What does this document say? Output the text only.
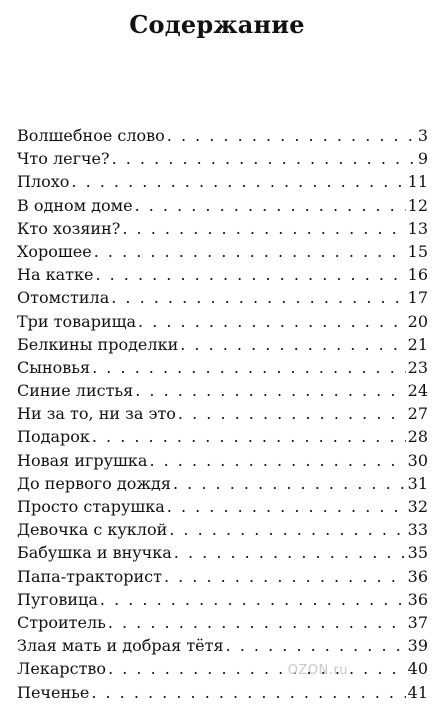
Содержание
Волшебное слово . . .	3
Что легче? . . .	9
Плохо . . .	11
В одном доме . . .	12
Кто хозяин? . . .	13
Хорошее . . .	15
На катке . . .	16
Отомстила . . .	17
Три товарища . . .	20
Белкины проделки . . .	21
Сыновья . . .	23
Синие листья . . .	24
Ни за то, ни за это . . .	27
Подарок . . .	28
Новая игрушка . . .	30
До первого дождя . . .	31
Просто старушка . . .	32
Девочка с куклой . . .	33
Бабушка и внучка . . .	35
Папа-тракторист . . .	36
Пуговица . . .	36
Строитель . . .	37
Злая мать и добрая тётя . . .	39
Лекарство . . .	40
Печенье . . .	41
OZON.ru
